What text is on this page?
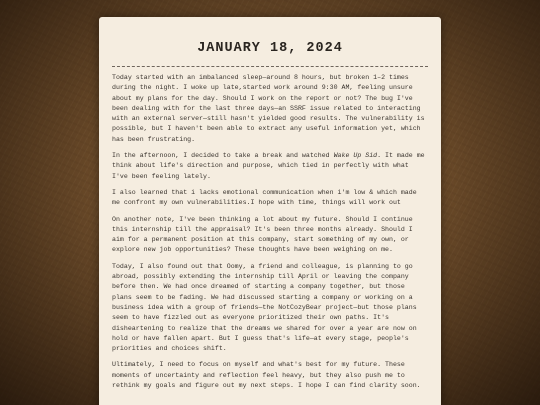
JANUARY 18, 2024

Today started with an imbalanced sleep—around 8 hours, but broken 1–2 times during the night. I woke up late,started work around 9:30 AM, feeling unsure about my plans for the day. Should I work on the report or not? The bug I've been dealing with for the last three days—an SSRF issue related to interacting with an external server—still hasn't yielded good results. The vulnerability is possible, but I haven't been able to extract any useful information yet, which has been frustrating.

In the afternoon, I decided to take a break and watched Wake Up Sid. It made me think about life's direction and purpose, which tied in perfectly with what I've been feeling lately.

I also learned that i lacks emotional communication when i'm low & which made me confront my own vulnerabilities.I hope with time, things will work out

On another note, I've been thinking a lot about my future. Should I continue this internship till the appraisal? It's been three months already. Should I aim for a permanent position at this company, start something of my own, or explore new job opportunities? These thoughts have been weighing on me.

Today, I also found out that Oomy, a friend and colleague, is planning to go abroad, possibly extending the internship till April or leaving the company before then. We had once dreamed of starting a company together, but those plans seem to be fading. We had discussed starting a company or working on a business idea with a group of friends—the NotCozyBear project—but those plans seem to have fizzled out as everyone prioritized their own paths. It's disheartening to realize that the dreams we shared for over a year are now on hold or have fallen apart. But I guess that's life—at every stage, people's priorities and choices shift.

Ultimately, I need to focus on myself and what's best for my future. These moments of uncertainty and reflection feel heavy, but they also push me to rethink my goals and figure out my next steps. I hope I can find clarity soon.
